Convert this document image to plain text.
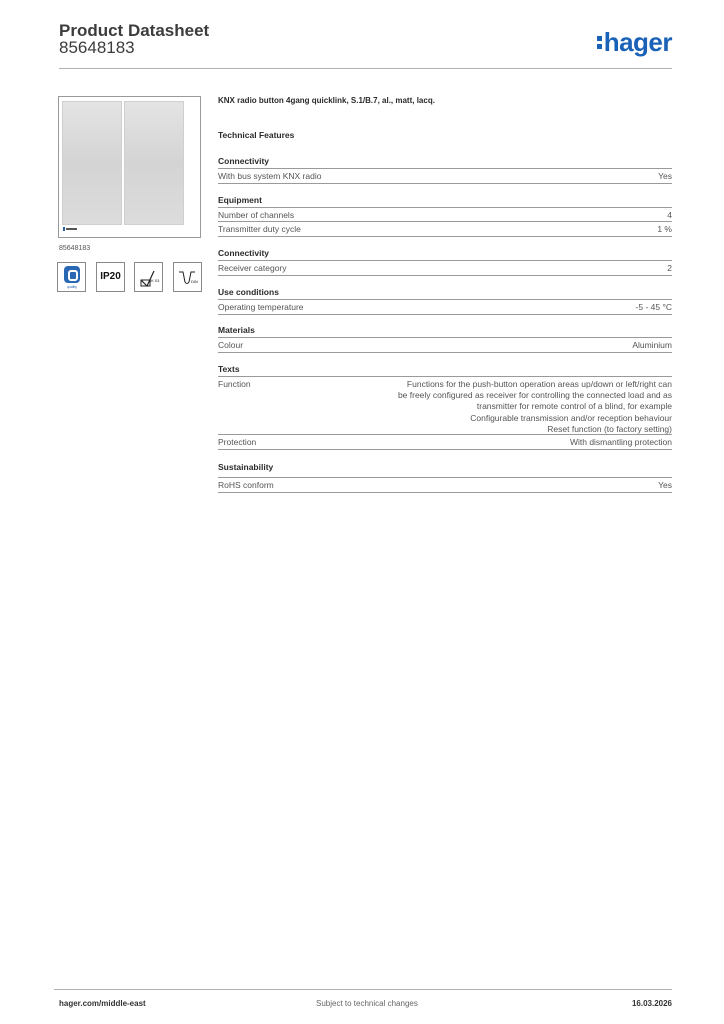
Product Datasheet
85648183	hager
85648183
quality
IP20	IK 03	DIN
KNX radio button 4gang quicklink, S.1/B.7, al., matt, lacq.
Technical Features
Connectivity
With bus system KNX radio	Yes
Equipment
Number of channels	4
Transmitter duty cycle	1 %
Connectivity
Receiver category	2
Use conditions
Operating temperature	-5 - 45 °C
Materials
Colour	Aluminium
Texts
Function	Functions for the push-button operation areas up/down or left/right can
be freely configured as receiver for controlling the connected load and as
transmitter for remote control of a blind, for example
Configurable transmission and/or reception behaviour
Reset function (to factory setting)
Protection	With dismantling protection
Sustainability
RoHS conform	Yes
hager.com/middle-east	Subject to technical changes	16.03.2026
